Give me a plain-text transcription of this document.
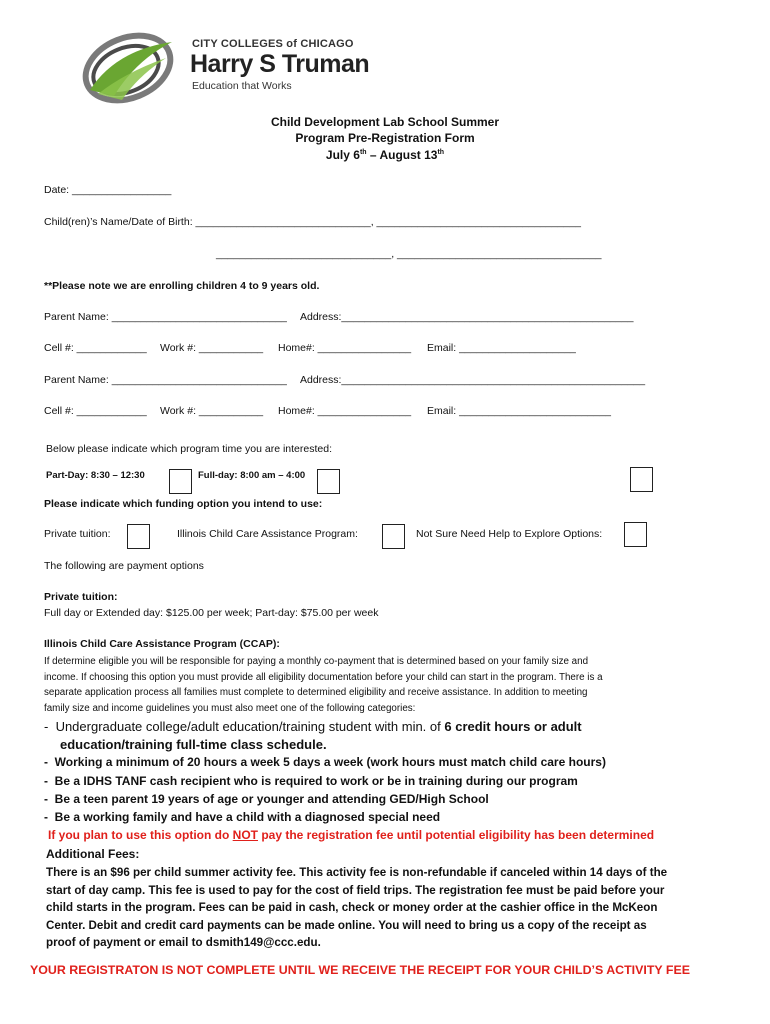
CITY COLLEGES of CHICAGO
Harry S Truman
Education that Works
Child Development Lab School Summer
Program Pre-Registration Form
July 6th – August 13th
Date: _________________
Child(ren)’s Name/Date of Birth: ______________________________, ___________________________________
______________________________, ___________________________________
**Please note we are enrolling children 4 to 9 years old.
Parent Name: ______________________________ Address:__________________________________________________
Cell #: ____________ Work #: ___________ Home#: ________________ Email: ____________________
Parent Name: ______________________________ Address:____________________________________________________
Cell #: ____________ Work #: ___________ Home#: ________________ Email: __________________________
Below please indicate which program time you are interested:
Part-Day: 8:30 – 12:30	Full-day: 8:00 am – 4:00
Please indicate which funding option you intend to use:
Private tuition:	Illinois Child Care Assistance Program:	Not Sure Need Help to Explore Options:
The following are payment options
Private tuition:
Full day or Extended day: $125.00 per week; Part-day: $75.00 per week
Illinois Child Care Assistance Program (CCAP):
If determine eligible you will be responsible for paying a monthly co-payment that is determined based on your family size and
income. If choosing this option you must provide all eligibility documentation before your child can start in the program. There is a
separate application process all families must complete to determined eligibility and receive assistance. In addition to meeting
family size and income guidelines you must also meet one of the following categories:
-  Undergraduate college/adult education/training student with min. of 6 credit hours or adult
education/training full-time class schedule.
-  Working a minimum of 20 hours a week 5 days a week (work hours must match child care hours)
-  Be a IDHS TANF cash recipient who is required to work or be in training during our program
-  Be a teen parent 19 years of age or younger and attending GED/High School
-  Be a working family and have a child with a diagnosed special need
If you plan to use this option do NOT pay the registration fee until potential eligibility has been determined
Additional Fees:
There is an $96 per child summer activity fee. This activity fee is non-refundable if canceled within 14 days of the
start of day camp. This fee is used to pay for the cost of field trips. The registration fee must be paid before your
child starts in the program. Fees can be paid in cash, check or money order at the cashier office in the McKeon
Center. Debit and credit card payments can be made online. You will need to bring us a copy of the receipt as
proof of payment or email to dsmith149@ccc.edu.
YOUR REGISTRATON IS NOT COMPLETE UNTIL WE RECEIVE THE RECEIPT FOR YOUR CHILD’S ACTIVITY FEE
